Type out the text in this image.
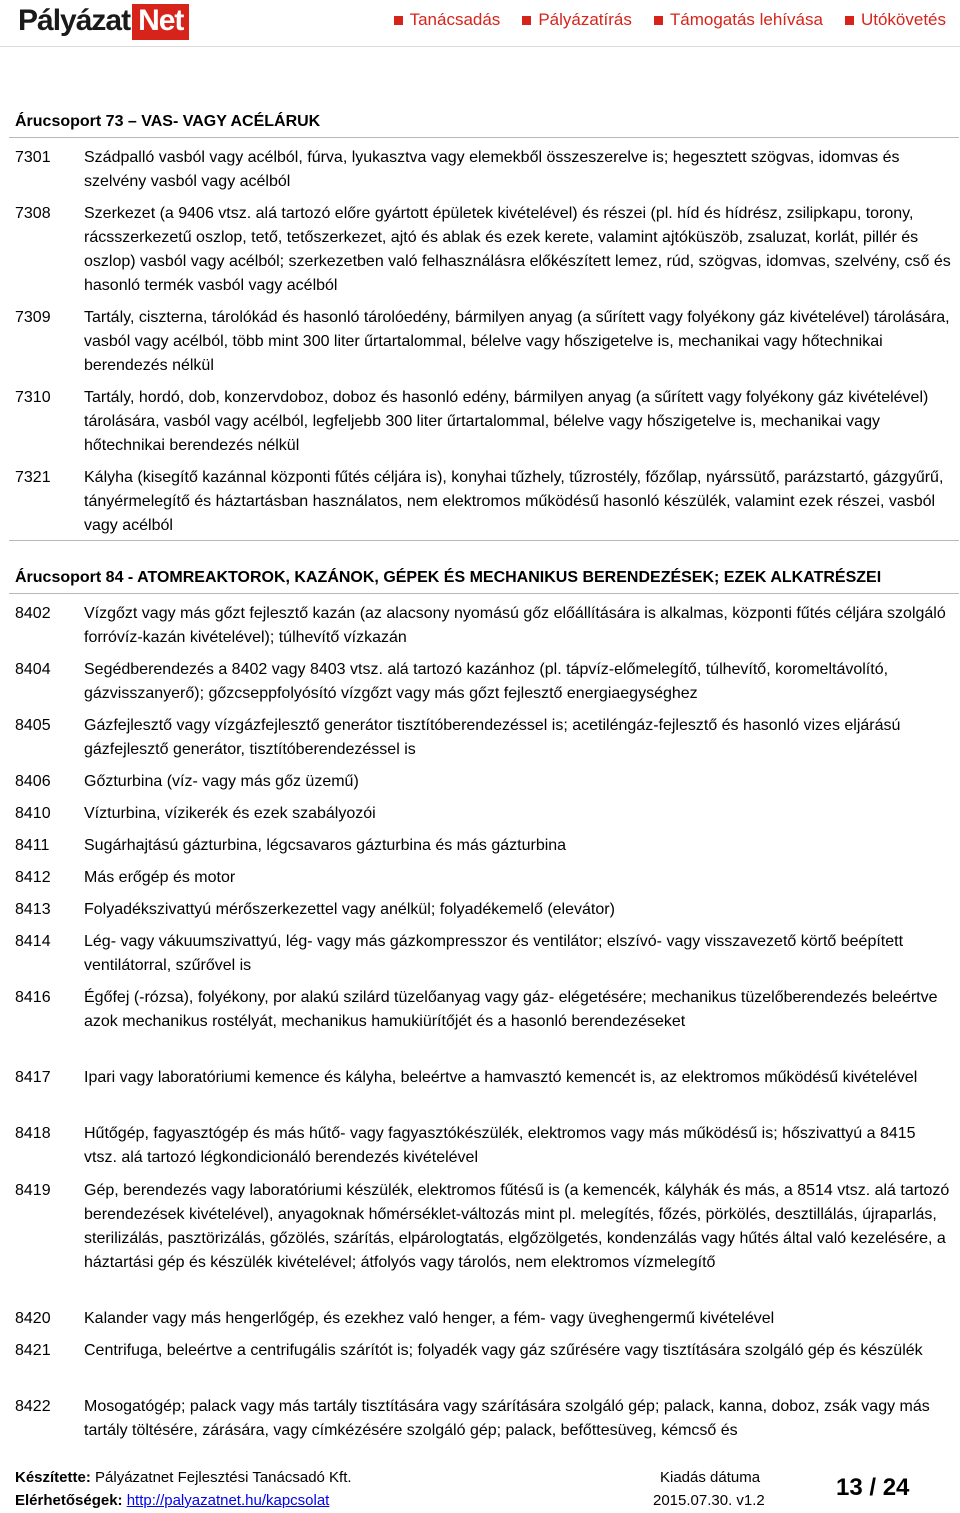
Pályázat Net	Tanácsadás Pályázatírás Támogatás lehívása Utókövetés
Árucsoport 73 – VAS- VAGY ACÉLÁRUK
7301	Szádpalló vasból vagy acélból, fúrva, lyukasztva vagy elemekből összeszerelve is; hegesztett szögvas, idomvas és szelvény vasból vagy acélból
7308	Szerkezet (a 9406 vtsz. alá tartozó előre gyártott épületek kivételével) és részei (pl. híd és hídrész, zsilipkapu, torony, rácsszerkezetű oszlop, tető, tetőszerkezet, ajtó és ablak és ezek kerete, valamint ajtóküszöb, zsaluzat, korlát, pillér és oszlop) vasból vagy acélból; szerkezetben való felhasználásra előkészített lemez, rúd, szögvas, idomvas, szelvény, cső és hasonló termék vasból vagy acélból
7309	Tartály, ciszterna, tárolókád és hasonló tárolóedény, bármilyen anyag (a sűrített vagy folyékony gáz kivételével) tárolására, vasból vagy acélból, több mint 300 liter űrtartalommal, bélelve vagy hőszigetelve is, mechanikai vagy hőtechnikai berendezés nélkül
7310	Tartály, hordó, dob, konzervdoboz, doboz és hasonló edény, bármilyen anyag (a sűrített vagy folyékony gáz kivételével) tárolására, vasból vagy acélból, legfeljebb 300 liter űrtartalommal, bélelve vagy hőszigetelve is, mechanikai vagy hőtechnikai berendezés nélkül
7321	Kályha (kisegítő kazánnal központi fűtés céljára is), konyhai tűzhely, tűzrostély, főzőlap, nyárssütő, parázstartó, gázgyűrű, tányérmelegítő és háztartásban használatos, nem elektromos működésű hasonló készülék, valamint ezek részei, vasból vagy acélból
Árucsoport 84 - ATOMREAKTOROK, KAZÁNOK, GÉPEK ÉS MECHANIKUS BERENDEZÉSEK; EZEK ALKATRÉSZEI
8402	Vízgőzt vagy más gőzt fejlesztő kazán (az alacsony nyomású gőz előállítására is alkalmas, központi fűtés céljára szolgáló forróvíz-kazán kivételével); túlhevítő vízkazán
8404	Segédberendezés a 8402 vagy 8403 vtsz. alá tartozó kazánhoz (pl. tápvíz-előmelegítő, túlhevítő, koromeltávolító, gázvisszanyerő); gőzcseppfolyósító vízgőzt vagy más gőzt fejlesztő energiaegységhez
8405	Gázfejlesztő vagy vízgázfejlesztő generátor tisztítóberendezéssel is; acetiléngáz-fejlesztő és hasonló vizes eljárású gázfejlesztő generátor, tisztítóberendezéssel is
8406	Gőzturbina (víz- vagy más gőz üzemű)
8410	Vízturbina, vízikerék és ezek szabályozói
8411	Sugárhajtású gázturbina, légcsavaros gázturbina és más gázturbina
8412	Más erőgép és motor
8413	Folyadékszivattyú mérőszerkezettel vagy anélkül; folyadékemelő (elevátor)
8414	Lég- vagy vákuumszivattyú, lég- vagy más gázkompresszor és ventilátor; elszívó- vagy visszavezető körtő beépített ventilátorral, szűrővel is
8416	Égőfej (-rózsa), folyékony, por alakú szilárd tüzelőanyag vagy gáz- elégetésére; mechanikus tüzelőberendezés beleértve azok mechanikus rostélyát, mechanikus hamukiürítőjét és a hasonló berendezéseket
8417	Ipari vagy laboratóriumi kemence és kályha, beleértve a hamvasztó kemencét is, az elektromos működésű kivételével
8418	Hűtőgép, fagyasztógép és más hűtő- vagy fagyasztókészülék, elektromos vagy más működésű is; hőszivattyú a 8415 vtsz. alá tartozó légkondicionáló berendezés kivételével
8419	Gép, berendezés vagy laboratóriumi készülék, elektromos fűtésű is (a kemencék, kályhák és más, a 8514 vtsz. alá tartozó berendezések kivételével), anyagoknak hőmérséklet-változás mint pl. melegítés, főzés, pörkölés, desztillálás, újraparlás, sterilizálás, pasztörizálás, gőzölés, szárítás, elpárologtatás, elgőzölgetés, kondenzálás vagy hűtés által való kezelésére, a háztartási gép és készülék kivételével; átfolyós vagy tárolós, nem elektromos vízmelegítő
8420	Kalander vagy más hengerlőgép, és ezekhez való henger, a fém- vagy üveghengermű kivételével
8421	Centrifuga, beleértve a centrifugális szárítót is; folyadék vagy gáz szűrésére vagy tisztítására szolgáló gép és készülék
8422	Mosogatógép; palack vagy más tartály tisztítására vagy szárítására szolgáló gép; palack, kanna, doboz, zsák vagy más tartály töltésére, zárására, vagy címkézésére szolgáló gép; palack, befőttesüveg, kémcső és
Készítette: Pályázatnet Fejlesztési Tanácsadó Kft.
Elérhetőségek: http://palyazatnet.hu/kapcsolat
Kiadás dátuma
2015.07.30. v1.2	13 / 24
